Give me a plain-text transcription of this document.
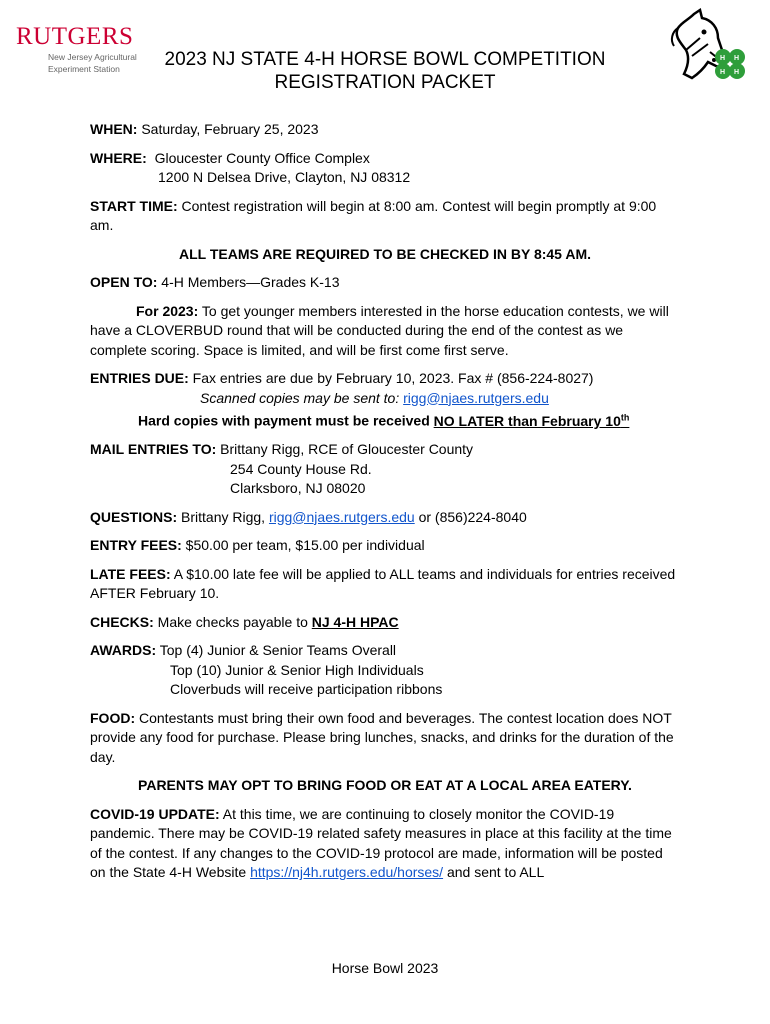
RUTGERS
New Jersey Agricultural
Experiment Station
H H
H H
2023 NJ STATE 4-H HORSE BOWL COMPETITION
REGISTRATION PACKET

WHEN: Saturday, February 25, 2023

WHERE: Gloucester County Office Complex
1200 N Delsea Drive, Clayton, NJ 08312

START TIME: Contest registration will begin at 8:00 am. Contest will begin promptly at 9:00 am.

ALL TEAMS ARE REQUIRED TO BE CHECKED IN BY 8:45 AM.

OPEN TO: 4-H Members—Grades K-13

For 2023: To get younger members interested in the horse education contests, we will have a CLOVERBUD round that will be conducted during the end of the contest as we complete scoring. Space is limited, and will be first come first serve.

ENTRIES DUE: Fax entries are due by February 10, 2023. Fax # (856-224-8027)
Scanned copies may be sent to: rigg@njaes.rutgers.edu
Hard copies with payment must be received NO LATER than February 10th
MAIL ENTRIES TO: Brittany Rigg, RCE of Gloucester County
254 County House Rd.
Clarksboro, NJ 08020

QUESTIONS: Brittany Rigg, rigg@njaes.rutgers.edu or (856)224-8040

ENTRY FEES: $50.00 per team, $15.00 per individual

LATE FEES: A $10.00 late fee will be applied to ALL teams and individuals for entries received AFTER February 10.

CHECKS: Make checks payable to NJ 4-H HPAC

AWARDS: Top (4) Junior & Senior Teams Overall
Top (10) Junior & Senior High Individuals
Cloverbuds will receive participation ribbons

FOOD: Contestants must bring their own food and beverages. The contest location does NOT provide any food for purchase. Please bring lunches, snacks, and drinks for the duration of the day.

PARENTS MAY OPT TO BRING FOOD OR EAT AT A LOCAL AREA EATERY.

COVID-19 UPDATE: At this time, we are continuing to closely monitor the COVID-19 pandemic. There may be COVID-19 related safety measures in place at this facility at the time of the contest. If any changes to the COVID-19 protocol are made, information will be posted on the State 4-H Website https://nj4h.rutgers.edu/horses/ and sent to ALL

Horse Bowl 2023
